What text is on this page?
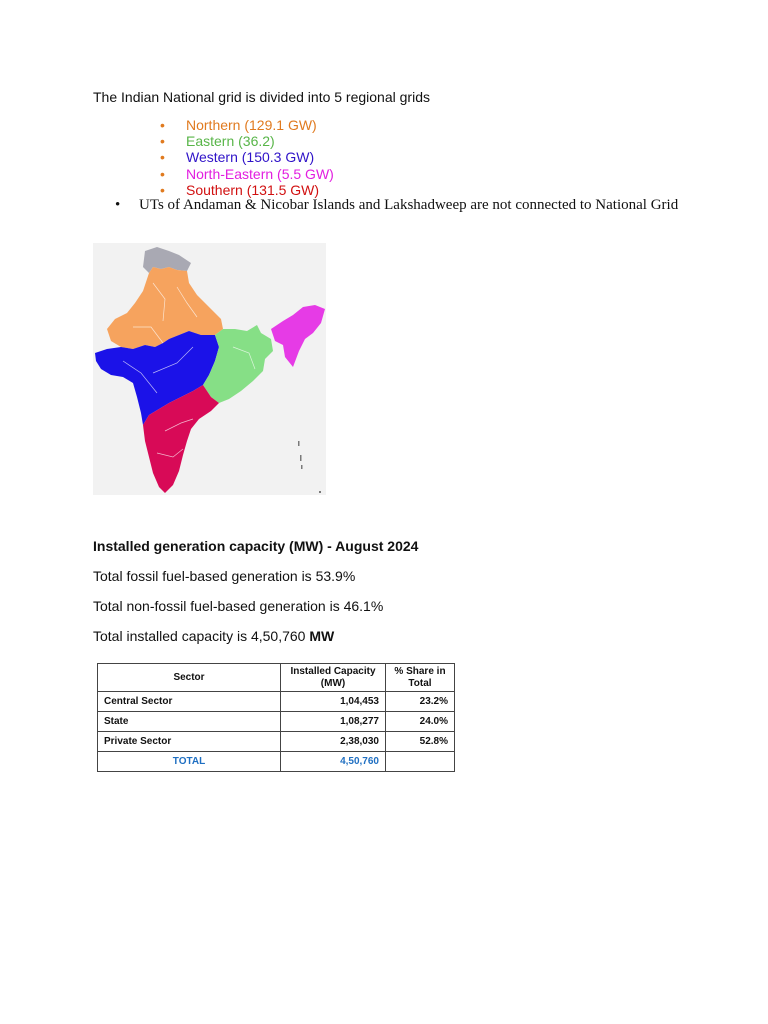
The Indian National grid is divided into 5 regional grids
• Northern (129.1 GW)
• Eastern (36.2)
• Western (150.3 GW)
• North-Eastern (5.5 GW)
• Southern (131.5 GW)
• UTs of Andaman & Nicobar Islands and Lakshadweep are not connected to National Grid
Installed generation capacity (MW) - August 2024
Total fossil fuel-based generation is 53.9%
Total non-fossil fuel-based generation is 46.1%
Total installed capacity is 4,50,760 MW
Sector	Installed Capacity (MW)	% Share in Total
Central Sector	1,04,453	23.2%
State	1,08,277	24.0%
Private Sector	2,38,030	52.8%
TOTAL	4,50,760	
